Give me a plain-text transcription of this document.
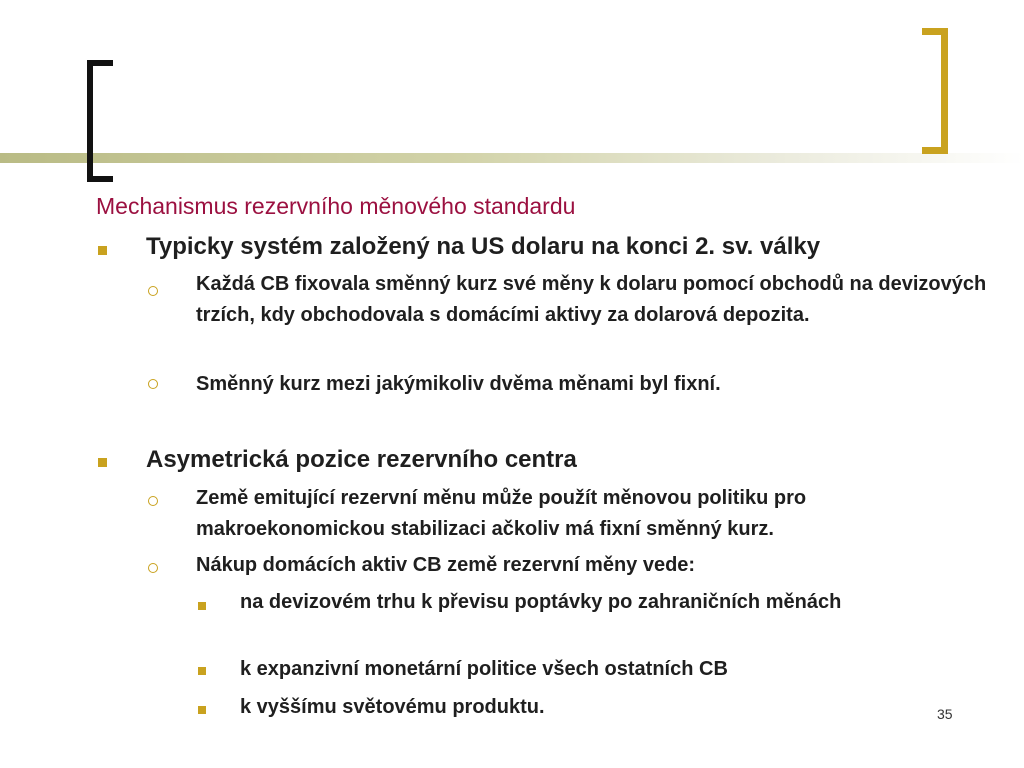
Mechanismus rezervního měnového standardu
Typicky systém založený na US dolaru na konci 2. sv. války
Každá CB fixovala směnný kurz své měny k dolaru pomocí obchodů na devizových trzích, kdy obchodovala s domácími aktivy za dolarová depozita.
Směnný kurz mezi jakýmikoliv dvěma měnami byl fixní.
Asymetrická pozice rezervního centra
Země emitující rezervní měnu může použít měnovou politiku pro makroekonomickou stabilizaci ačkoliv má fixní směnný kurz.
Nákup domácích aktiv CB země rezervní měny vede:
na devizovém trhu k převisu poptávky po zahraničních měnách
k expanzivní monetární politice všech ostatních CB
k vyššímu světovému produktu.	35
